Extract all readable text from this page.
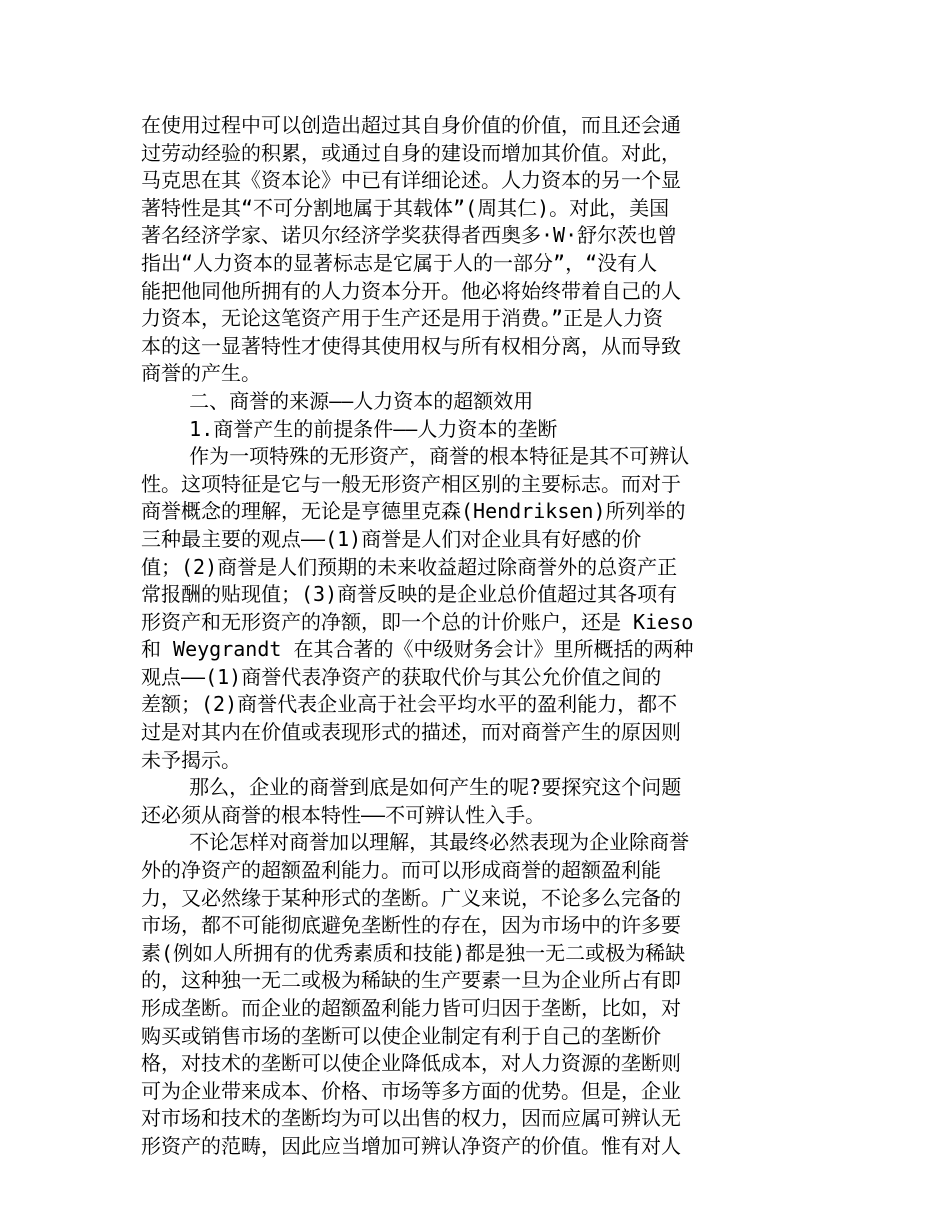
在使用过程中可以创造出超过其自身价值的价值，而且还会通
过劳动经验的积累，或通过自身的建设而增加其价值。对此，
马克思在其《资本论》中已有详细论述。人力资本的另一个显
著特性是其“不可分割地属于其载体”(周其仁)。对此，美国
著名经济学家、诺贝尔经济学奖获得者西奥多·W·舒尔茨也曾
指出“人力资本的显著标志是它属于人的一部分”，“没有人
能把他同他所拥有的人力资本分开。他必将始终带着自己的人
力资本，无论这笔资产用于生产还是用于消费。”正是人力资
本的这一显著特性才使得其使用权与所有权相分离，从而导致
商誉的产生。
二、商誉的来源——人力资本的超额效用
1.商誉产生的前提条件——人力资本的垄断
作为一项特殊的无形资产，商誉的根本特征是其不可辨认
性。这项特征是它与一般无形资产相区别的主要标志。而对于
商誉概念的理解，无论是亨德里克森(Hendriksen)所列举的
三种最主要的观点——(1)商誉是人们对企业具有好感的价
值；(2)商誉是人们预期的未来收益超过除商誉外的总资产正
常报酬的贴现值；(3)商誉反映的是企业总价值超过其各项有
形资产和无形资产的净额，即一个总的计价账户，还是 Kieso
和 Weygrandt 在其合著的《中级财务会计》里所概括的两种
观点——(1)商誉代表净资产的获取代价与其公允价值之间的
差额；(2)商誉代表企业高于社会平均水平的盈利能力，都不
过是对其内在价值或表现形式的描述，而对商誉产生的原因则
未予揭示。
那么，企业的商誉到底是如何产生的呢?要探究这个问题
还必须从商誉的根本特性——不可辨认性入手。
不论怎样对商誉加以理解，其最终必然表现为企业除商誉
外的净资产的超额盈利能力。而可以形成商誉的超额盈利能
力，又必然缘于某种形式的垄断。广义来说，不论多么完备的
市场，都不可能彻底避免垄断性的存在，因为市场中的许多要
素(例如人所拥有的优秀素质和技能)都是独一无二或极为稀缺
的，这种独一无二或极为稀缺的生产要素一旦为企业所占有即
形成垄断。而企业的超额盈利能力皆可归因于垄断，比如，对
购买或销售市场的垄断可以使企业制定有利于自己的垄断价
格，对技术的垄断可以使企业降低成本，对人力资源的垄断则
可为企业带来成本、价格、市场等多方面的优势。但是，企业
对市场和技术的垄断均为可以出售的权力，因而应属可辨认无
形资产的范畴，因此应当增加可辨认净资产的价值。惟有对人
